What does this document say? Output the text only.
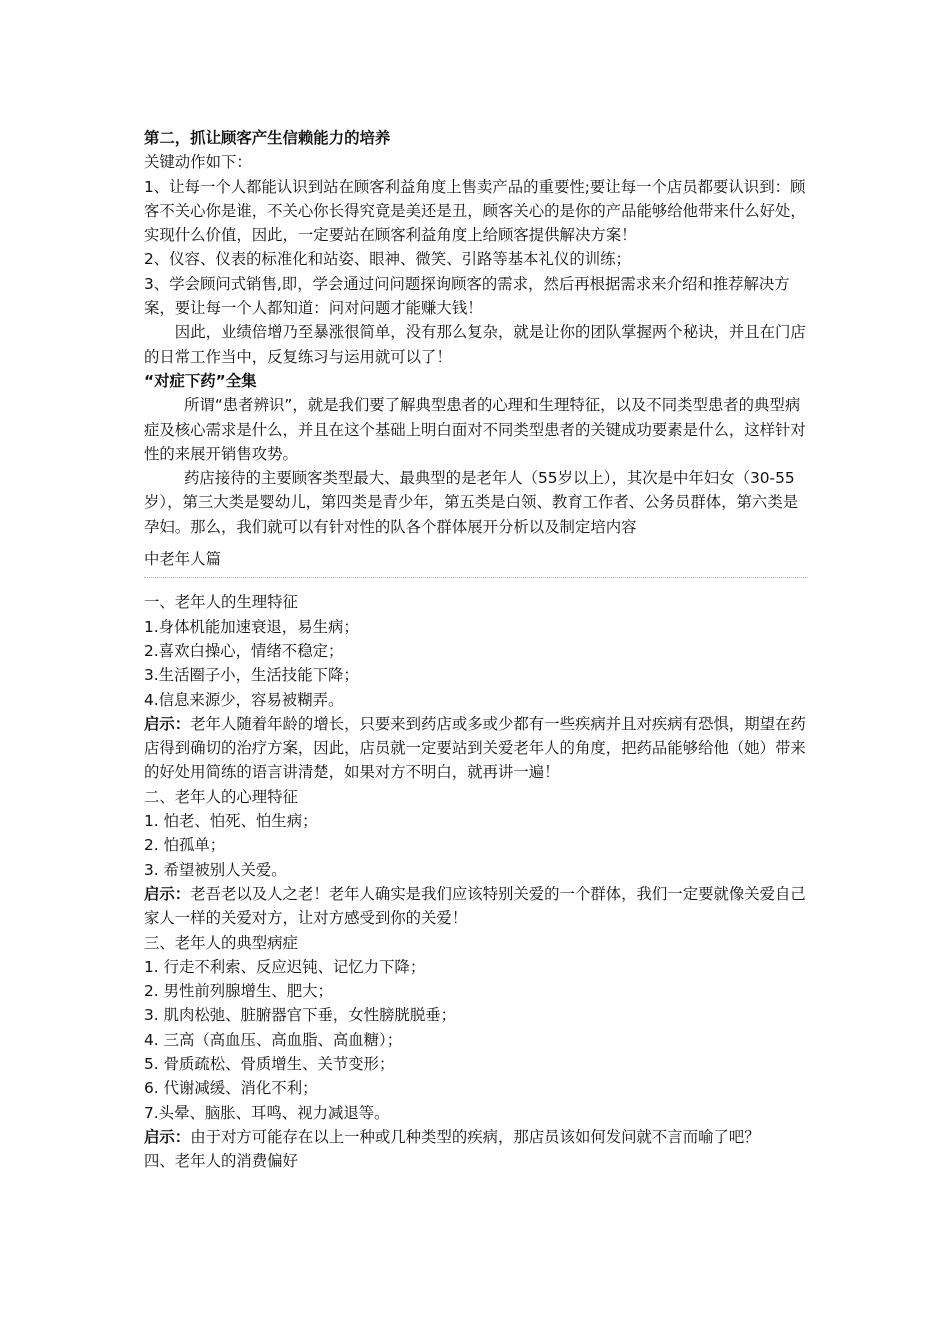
第二，抓让顾客产生信赖能力的培养

关键动作如下：

1、让每一个人都能认识到站在顾客利益角度上售卖产品的重要性;要让每一个店员都要认识到：顾客不关心你是谁，不关心你长得究竟是美还是丑，顾客关心的是你的产品能够给他带来什么好处，实现什么价值，因此，一定要站在顾客利益角度上给顾客提供解决方案！

2、仪容、仪表的标准化和站姿、眼神、微笑、引路等基本礼仪的训练；

3、学会顾问式销售,即，学会通过问问题探询顾客的需求，然后再根据需求来介绍和推荐解决方案，要让每一个人都知道：问对问题才能赚大钱！

因此，业绩倍增乃至暴涨很简单，没有那么复杂，就是让你的团队掌握两个秘诀，并且在门店的日常工作当中，反复练习与运用就可以了！

“对症下药”全集

所谓“患者辨识”，就是我们要了解典型患者的心理和生理特征，以及不同类型患者的典型病症及核心需求是什么，并且在这个基础上明白面对不同类型患者的关键成功要素是什么，这样针对性的来展开销售攻势。

药店接待的主要顾客类型最大、最典型的是老年人（55岁以上），其次是中年妇女（30-55岁），第三大类是婴幼儿，第四类是青少年，第五类是白领、教育工作者、公务员群体，第六类是孕妇。那么，我们就可以有针对性的队各个群体展开分析以及制定培内容

中老年人篇

一、老年人的生理特征

1.身体机能加速衰退，易生病；

2.喜欢白操心，情绪不稳定；

3.生活圈子小，生活技能下降；

4.信息来源少，容易被糊弄。

启示：老年人随着年龄的增长，只要来到药店或多或少都有一些疾病并且对疾病有恐惧，期望在药店得到确切的治疗方案，因此，店员就一定要站到关爱老年人的角度，把药品能够给他（她）带来的好处用简练的语言讲清楚，如果对方不明白，就再讲一遍！

二、老年人的心理特征

1. 怕老、怕死、怕生病；

2. 怕孤单；

3. 希望被别人关爱。

启示：老吾老以及人之老！老年人确实是我们应该特别关爱的一个群体，我们一定要就像关爱自己家人一样的关爱对方，让对方感受到你的关爱！

三、老年人的典型病症

1. 行走不利索、反应迟钝、记忆力下降；

2. 男性前列腺增生、肥大；

3. 肌肉松弛、脏腑器官下垂，女性膀胱脱垂；

4. 三高（高血压、高血脂、高血糖）；

5. 骨质疏松、骨质增生、关节变形；

6. 代谢减缓、消化不利；

7.头晕、脑胀、耳鸣、视力减退等。

启示：由于对方可能存在以上一种或几种类型的疾病，那店员该如何发问就不言而喻了吧？

四、老年人的消费偏好
